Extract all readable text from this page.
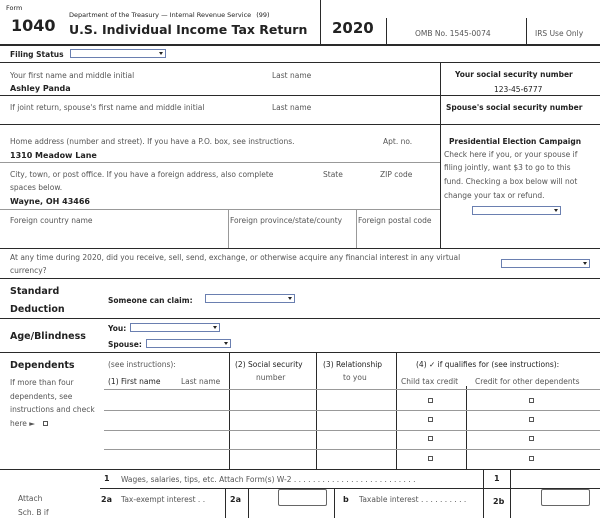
Form
1040
Department of the Treasury — Internal Revenue Service (99)
U.S. Individual Income Tax Return 2020	OMB No. 1545-0074	IRS Use Only
Filing Status
Your first name and middle initial
Ashley Panda
Last name	Your social security number
123-45-6777
If joint return, spouse's first name and middle initial	Last name	Spouse's social security number
Home address (number and street). If you have a P.O. box, see instructions.
1310 Meadow Lane
Apt. no.
City, town, or post office. If you have a foreign address, also complete
spaces below.
Wayne, OH 43466
State	ZIP code
Foreign country name	Foreign province/state/county Foreign postal code
Presidential Election Campaign
Check here if you, or your spouse if
filing jointly, want $3 to go to this
fund. Checking a box below will not
change your tax or refund.
At any time during 2020, did you receive, sell, send, exchange, or otherwise acquire any financial interest in any virtual
currency?
Standard
Deduction
Someone can claim:
Age/Blindness
You:
Spouse:
Dependents
If more than four
dependents, see
instructions and check
here ►
(see instructions):
(1) First name	Last name
(2) Social security
number
(3) Relationship
to you
(4) ✓ if qualifies for (see instructions):
Child tax credit Credit for other dependents
1 Wages, salaries, tips, etc. Attach Form(s) W-2 . . . . . . . . . . . . . . . . . . . . . . . . . .	1
Attach
Sch. B if
2a Tax-exempt interest . .	2a	b Taxable interest . . . . . . . . . .	2b
